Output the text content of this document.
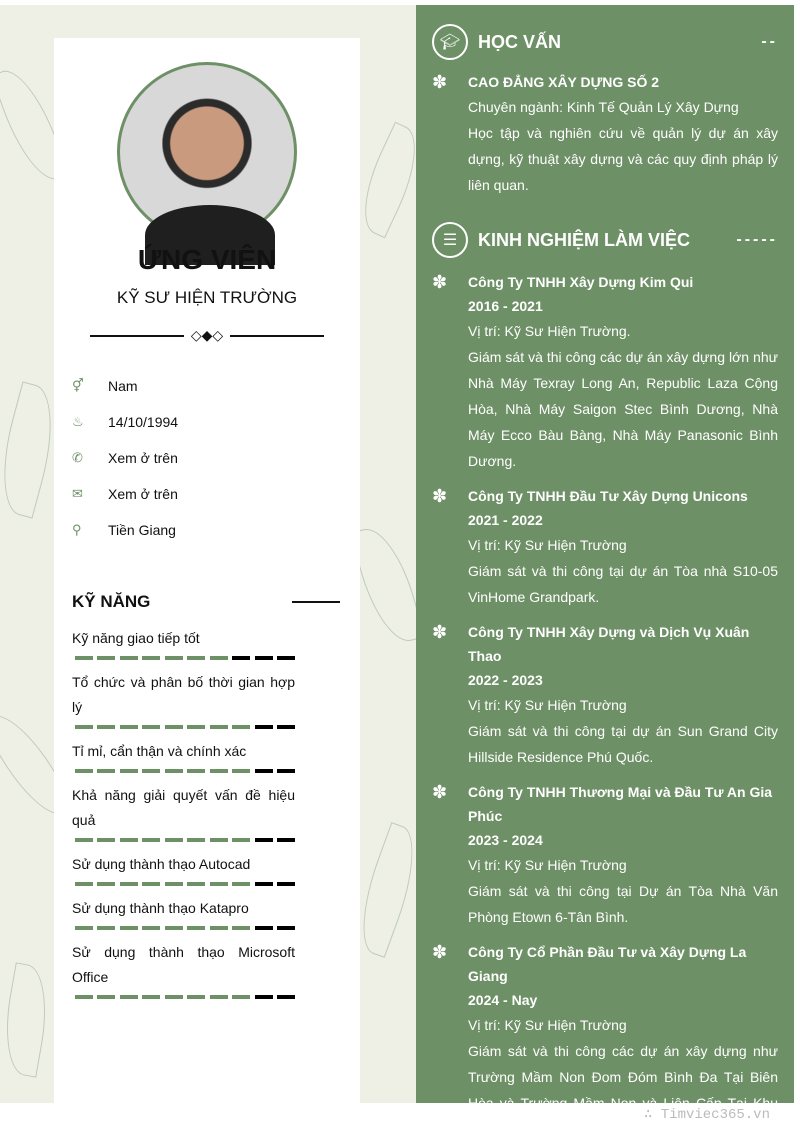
ỨNG VIÊN
KỸ SƯ HIỆN TRƯỜNG
◇◆◇
⚥	Nam
♨	14/10/1994
✆	Xem ở trên
✉	Xem ở trên
⚲	Tiền Giang
KỸ NĂNG
Kỹ năng giao tiếp tốt
Tổ chức và phân bố thời gian hợp lý
Tỉ mỉ, cẩn thận và chính xác
Khả năng giải quyết vấn đề hiệu quả
Sử dụng thành thạo Autocad
Sử dụng thành thạo Katapro
Sử dụng thành thạo Microsoft Office
🎓︎ HỌC VẤN	--
✽ CAO ĐẲNG XÂY DỰNG SỐ 2

Chuyên ngành: Kinh Tế Quản Lý Xây Dựng

Học tập và nghiên cứu về quản lý dự án xây dựng, kỹ thuật xây dựng và các quy định pháp lý liên quan.

☰	KINH NGHIỆM LÀM VIỆC	-----
✽ Công Ty TNHH Xây Dựng Kim Qui
2016 - 2021

Vị trí: Kỹ Sư Hiện Trường.

Giám sát và thi công các dự án xây dựng lớn như Nhà Máy Texray Long An, Republic Laza Cộng Hòa, Nhà Máy Saigon Stec Bình Dương, Nhà Máy Ecco Bàu Bàng, Nhà Máy Panasonic Bình Dương.

✽ Công Ty TNHH Đầu Tư Xây Dựng Unicons
2021 - 2022

Vị trí: Kỹ Sư Hiện Trường

Giám sát và thi công tại dự án Tòa nhà S10-05 VinHome Grandpark.

✽ Công Ty TNHH Xây Dựng và Dịch Vụ Xuân Thao
2022 - 2023

Vị trí: Kỹ Sư Hiện Trường

Giám sát và thi công tại dự án Sun Grand City Hillside Residence Phú Quốc.

✽ Công Ty TNHH Thương Mại và Đầu Tư An Gia Phúc
2023 - 2024

Vị trí: Kỹ Sư Hiện Trường

Giám sát và thi công tại Dự án Tòa Nhà Văn Phòng Etown 6-Tân Bình.

✽ Công Ty Cổ Phần Đầu Tư và Xây Dựng La Giang
2024 - Nay

Vị trí: Kỹ Sư Hiện Trường

Giám sát và thi công các dự án xây dựng như Trường Mầm Non Đom Đóm Bình Đa Tại Biên Hòa và Trường Mầm Non và Liên Cấp Tại Khu Dân Cư Kim Oanh.

∴ Timviec365.vn
